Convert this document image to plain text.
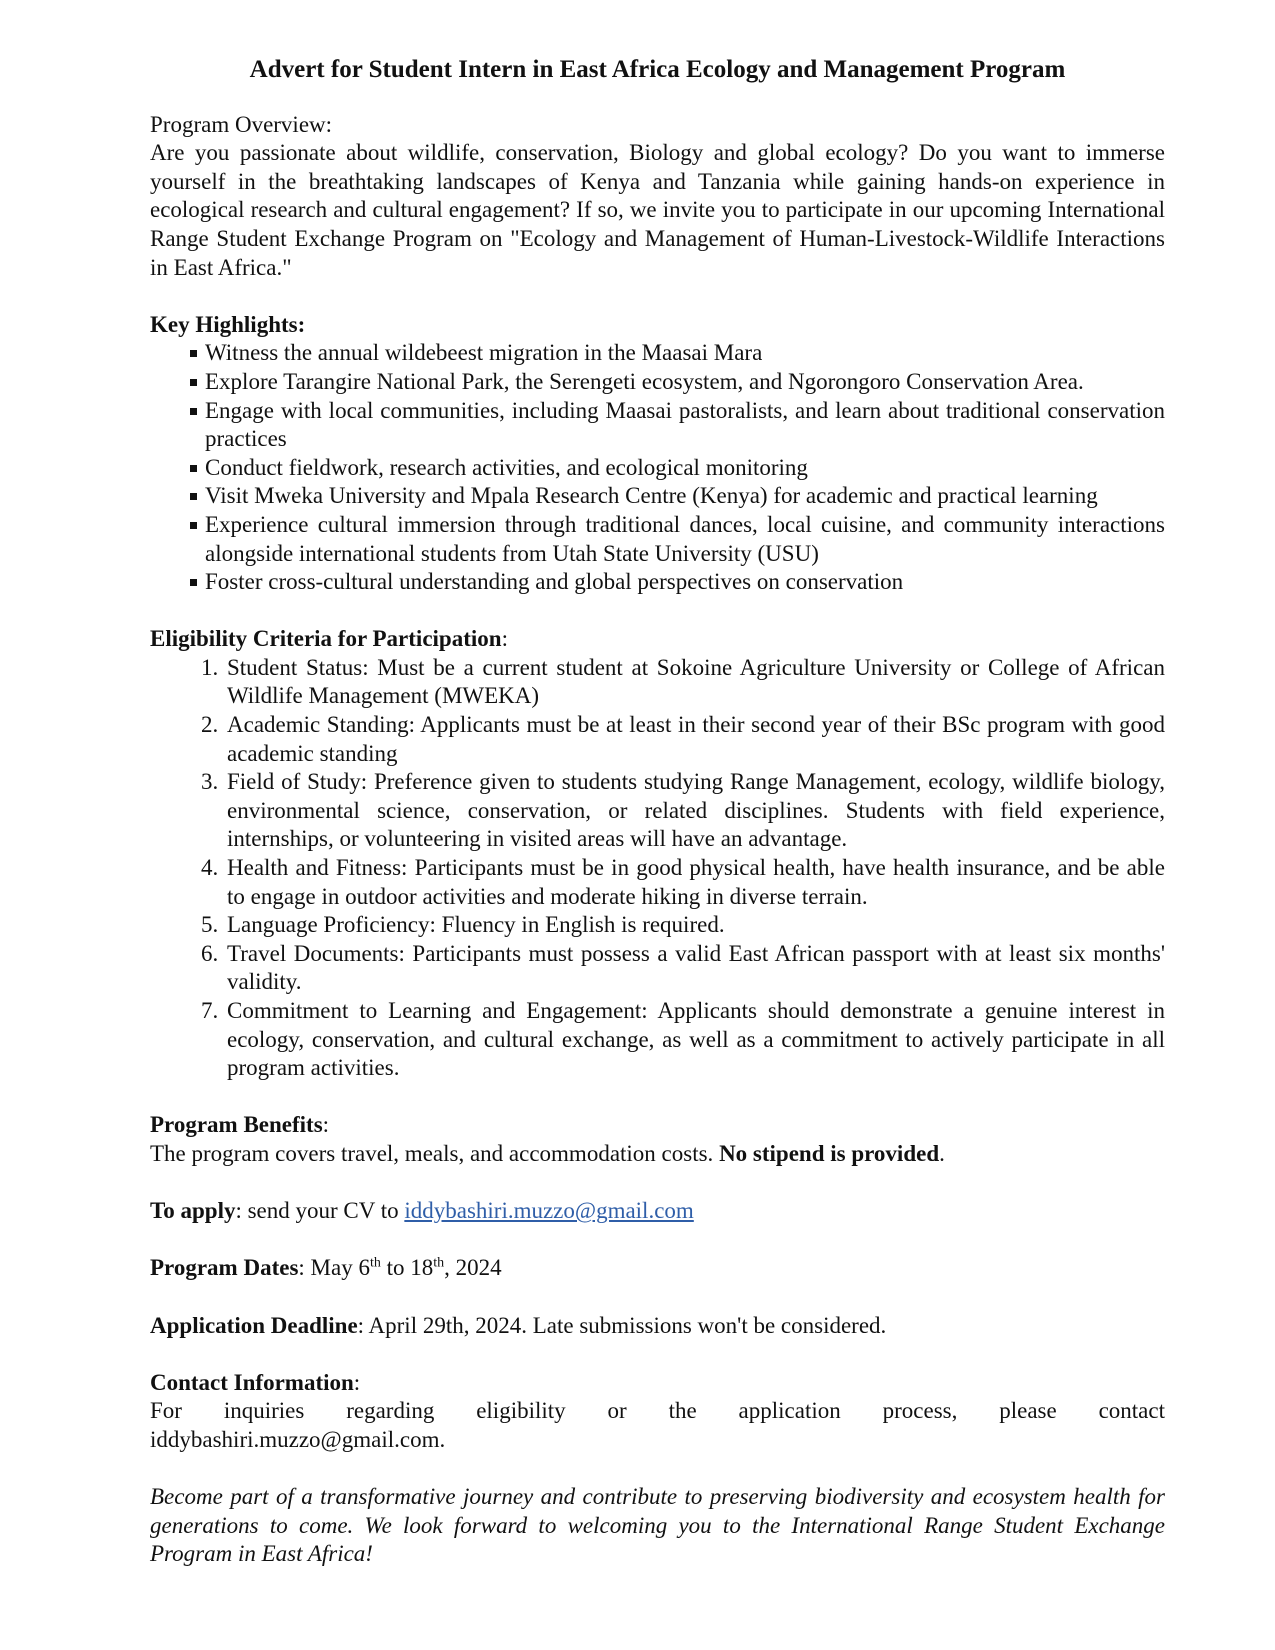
Advert for Student Intern in East Africa Ecology and Management Program

Program Overview:

Are you passionate about wildlife, conservation, Biology and global ecology? Do you want to immerse yourself in the breathtaking landscapes of Kenya and Tanzania while gaining hands-on experience in ecological research and cultural engagement? If so, we invite you to participate in our upcoming International Range Student Exchange Program on "Ecology and Management of Human-Livestock-Wildlife Interactions in East Africa."

Key Highlights:

Witness the annual wildebeest migration in the Maasai Mara
Explore Tarangire National Park, the Serengeti ecosystem, and Ngorongoro Conservation Area.
Engage with local communities, including Maasai pastoralists, and learn about traditional conservation practices
Conduct fieldwork, research activities, and ecological monitoring
Visit Mweka University and Mpala Research Centre (Kenya) for academic and practical learning
Experience cultural immersion through traditional dances, local cuisine, and community interactions alongside international students from Utah State University (USU)
Foster cross-cultural understanding and global perspectives on conservation

Eligibility Criteria for Participation:

1. Student Status: Must be a current student at Sokoine Agriculture University or College of African Wildlife Management (MWEKA)
2. Academic Standing: Applicants must be at least in their second year of their BSc program with good academic standing
3. Field of Study: Preference given to students studying Range Management, ecology, wildlife biology, environmental science, conservation, or related disciplines. Students with field experience, internships, or volunteering in visited areas will have an advantage.
4. Health and Fitness: Participants must be in good physical health, have health insurance, and be able to engage in outdoor activities and moderate hiking in diverse terrain.
5. Language Proficiency: Fluency in English is required.
6. Travel Documents: Participants must possess a valid East African passport with at least six months' validity.
7. Commitment to Learning and Engagement: Applicants should demonstrate a genuine interest in ecology, conservation, and cultural exchange, as well as a commitment to actively participate in all program activities.

Program Benefits:

The program covers travel, meals, and accommodation costs. No stipend is provided.

To apply: send your CV to iddybashiri.muzzo@gmail.com

Program Dates: May 6th to 18th, 2024

Application Deadline: April 29th, 2024. Late submissions won't be considered.

Contact Information:

For inquiries regarding eligibility or the application process, please contact

iddybashiri.muzzo@gmail.com.

Become part of a transformative journey and contribute to preserving biodiversity and ecosystem health for generations to come. We look forward to welcoming you to the International Range Student Exchange Program in East Africa!
